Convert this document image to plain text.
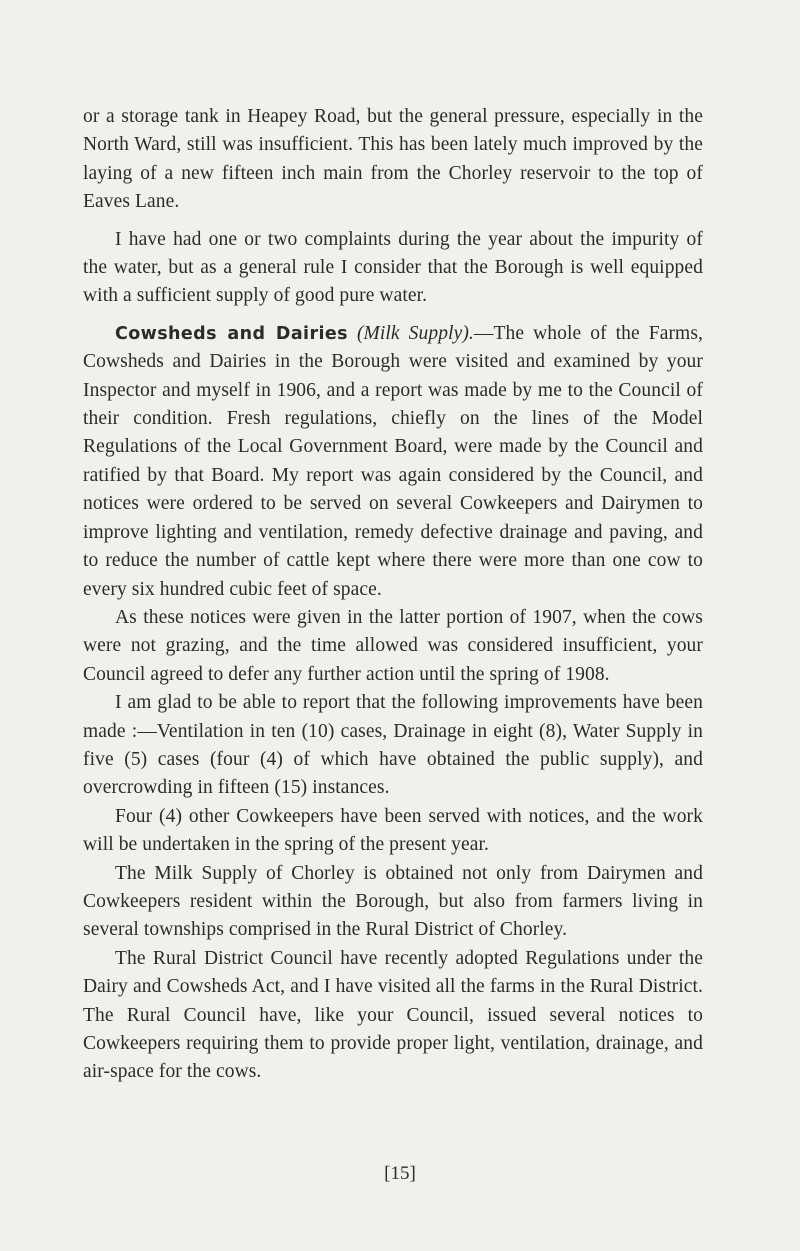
or a storage tank in Heapey Road, but the general pressure, especially in the North Ward, still was insufficient. This has been lately much improved by the laying of a new fifteen inch main from the Chorley reservoir to the top of Eaves Lane.

I have had one or two complaints during the year about the impurity of the water, but as a general rule I consider that the Borough is well equipped with a sufficient supply of good pure water.

Cowsheds and Dairies (Milk Supply).—The whole of the Farms, Cowsheds and Dairies in the Borough were visited and examined by your Inspector and myself in 1906, and a report was made by me to the Council of their condition. Fresh regulations, chiefly on the lines of the Model Regulations of the Local Government Board, were made by the Council and ratified by that Board. My report was again considered by the Council, and notices were ordered to be served on several Cowkeepers and Dairymen to improve lighting and ventilation, remedy defective drainage and paving, and to reduce the number of cattle kept where there were more than one cow to every six hundred cubic feet of space.

As these notices were given in the latter portion of 1907, when the cows were not grazing, and the time allowed was considered insufficient, your Council agreed to defer any further action until the spring of 1908.

I am glad to be able to report that the following improvements have been made :—Ventilation in ten (10) cases, Drainage in eight (8), Water Supply in five (5) cases (four (4) of which have obtained the public supply), and overcrowding in fifteen (15) instances.

Four (4) other Cowkeepers have been served with notices, and the work will be undertaken in the spring of the present year.

The Milk Supply of Chorley is obtained not only from Dairymen and Cowkeepers resident within the Borough, but also from farmers living in several townships comprised in the Rural District of Chorley.

The Rural District Council have recently adopted Regulations under the Dairy and Cowsheds Act, and I have visited all the farms in the Rural District. The Rural Council have, like your Council, issued several notices to Cowkeepers requiring them to provide proper light, ventilation, drainage, and air-space for the cows.

[15]
